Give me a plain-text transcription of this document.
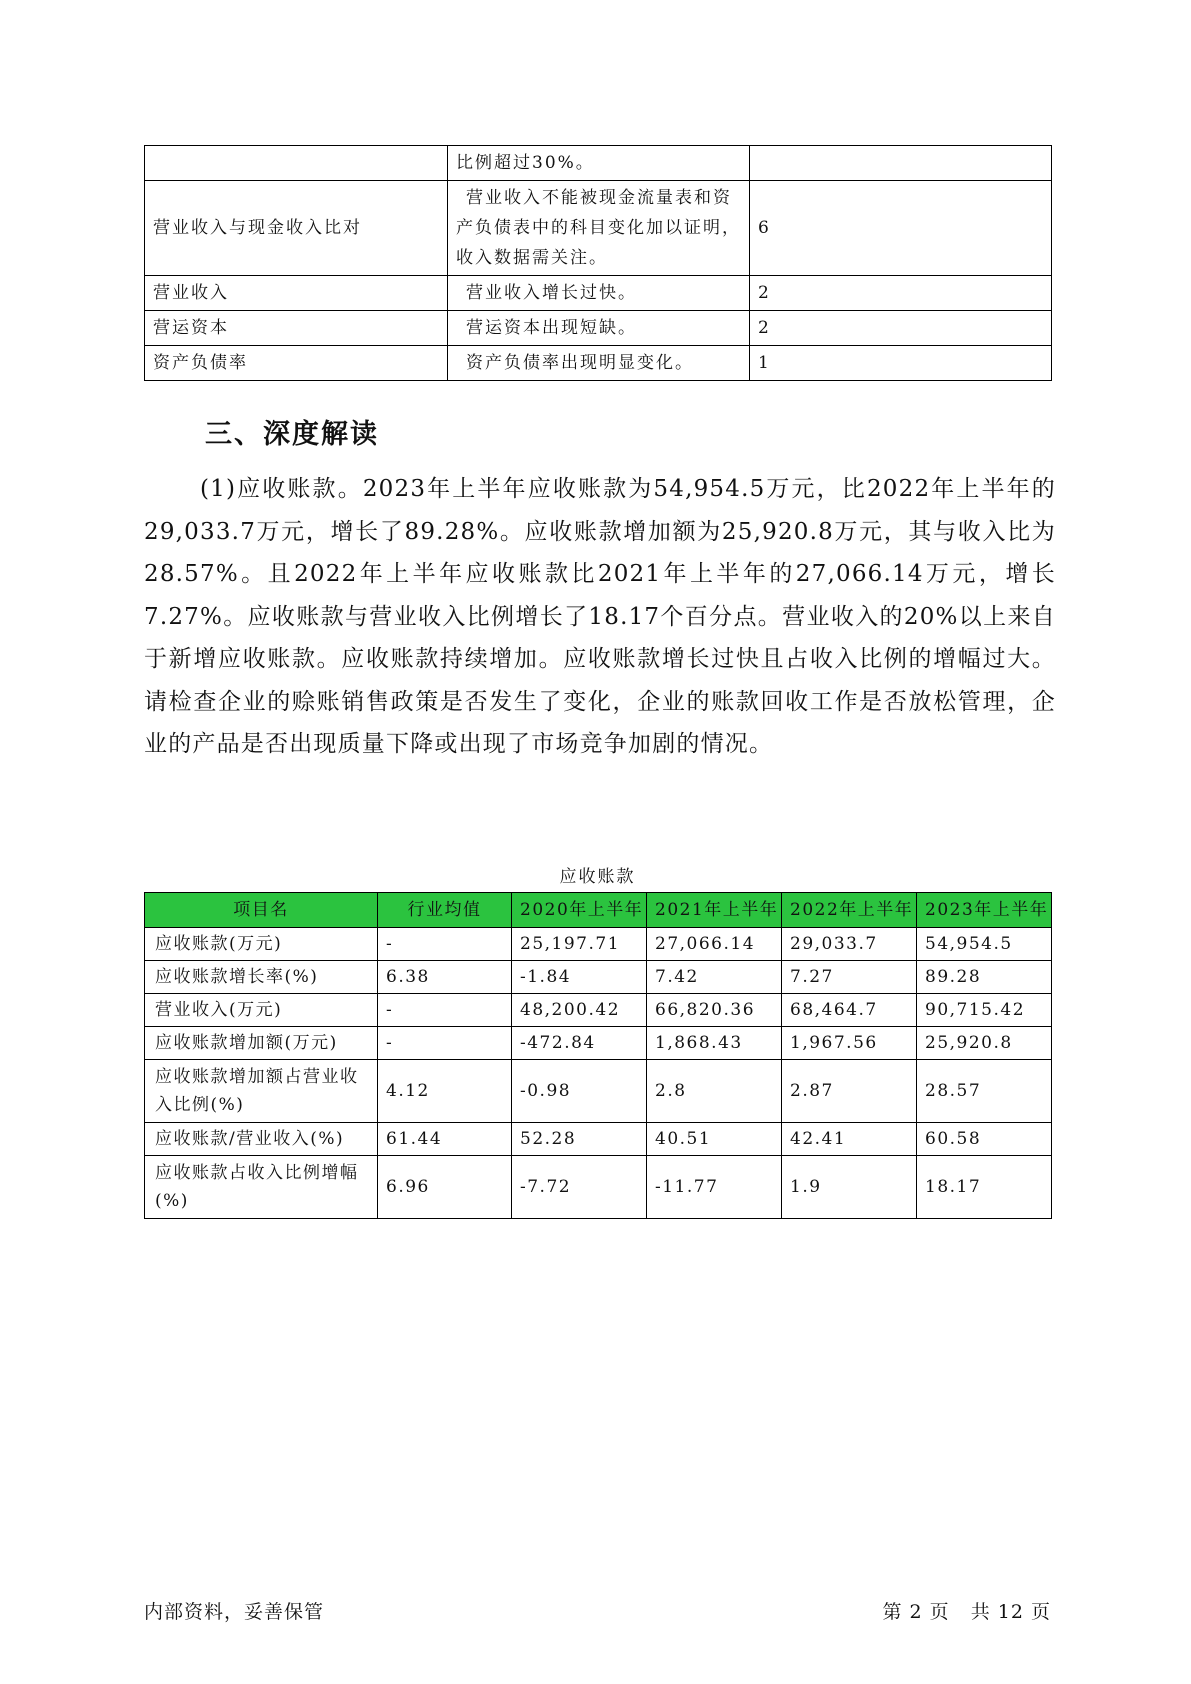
	比例超过30%。	
营业收入与现金收入比对	营业收入不能被现金流量表和资产负债表中的科目变化加以证明，收入数据需关注。	6
营业收入	营业收入增长过快。	2
营运资本	营运资本出现短缺。	2
资产负债率	资产负债率出现明显变化。	1
三、深度解读

(1)应收账款。2023年上半年应收账款为54,954.5万元，比2022年上半年的29,033.7万元，增长了89.28%。应收账款增加额为25,920.8万元，其与收入比为28.57%。且2022年上半年应收账款比2021年上半年的27,066.14万元，增长7.27%。应收账款与营业收入比例增长了18.17个百分点。营业收入的20%以上来自于新增应收账款。应收账款持续增加。应收账款增长过快且占收入比例的增幅过大。请检查企业的赊账销售政策是否发生了变化，企业的账款回收工作是否放松管理，企业的产品是否出现质量下降或出现了市场竞争加剧的情况。

应收账款
项目名	行业均值	2020年上半年	2021年上半年	2022年上半年	2023年上半年
应收账款(万元)	-	25,197.71	27,066.14	29,033.7	54,954.5
应收账款增长率(%)	6.38	-1.84	7.42	7.27	89.28
营业收入(万元)	-	48,200.42	66,820.36	68,464.7	90,715.42
应收账款增加额(万元)	-	-472.84	1,868.43	1,967.56	25,920.8
应收账款增加额占营业收入比例(%)	4.12	-0.98	2.8	2.87	28.57
应收账款/营业收入(%)	61.44	52.28	40.51	42.41	60.58
应收账款占收入比例增幅(%)	6.96	-7.72	-11.77	1.9	18.17
内部资料，妥善保管	第 2 页   共 12 页
